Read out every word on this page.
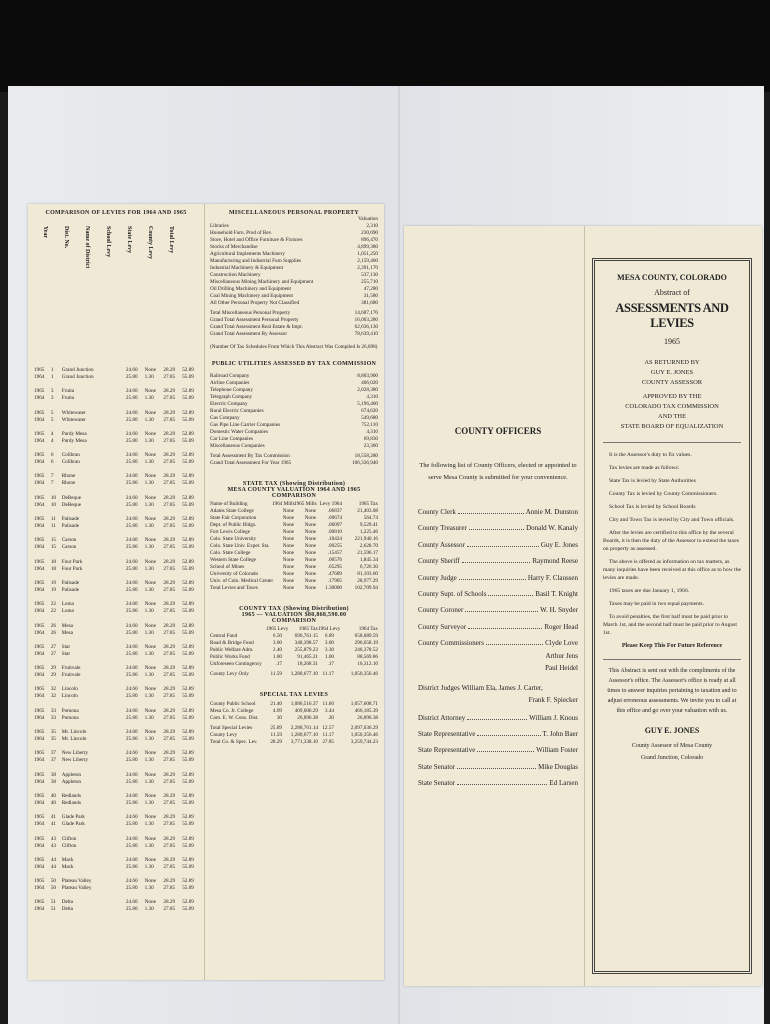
COMPARISON OF LEVIES FOR 1964 AND 1965
Year	Dist. No.	Name of District	School Levy	State Levy	County Levy	Total Levy
1965	1	Grand Junction	24.60	None	28.29	52.89
1964	1	Grand Junction	25.80	1.30	27.85	55.09
1965	3	Fruita	24.60	None	28.29	52.89
1964	3	Fruita	25.80	1.30	27.85	55.09
1965	5	Whitewater	24.60	None	28.29	52.89
1964	5	Whitewater	25.80	1.30	27.85	55.09
1965	4	Purdy Mesa	24.60	None	28.29	52.89
1964	4	Purdy Mesa	25.80	1.30	27.85	55.09
1965	6	Collbran	24.60	None	28.29	52.89
1964	6	Collbran	25.80	1.30	27.85	55.09
1965	7	Rhone	24.60	None	28.29	52.89
1964	7	Rhone	25.80	1.30	27.85	55.09
1965	10	DeBeque	24.60	None	28.29	52.89
1964	10	DeBeque	25.80	1.30	27.85	55.09
1965	11	Palisade	24.60	None	28.29	52.89
1964	11	Palisade	25.80	1.30	27.85	55.09
1965	15	Carson	24.60	None	28.29	52.89
1964	15	Carson	25.80	1.30	27.85	55.09
1965	18	Four Park	24.60	None	28.29	52.89
1964	18	Four Park	25.80	1.30	27.85	55.09
1965	19	Palisade	24.60	None	28.29	52.89
1964	19	Palisade	25.80	1.30	27.85	55.09
1965	22	Loma	24.60	None	28.29	52.89
1964	22	Loma	25.80	1.30	27.85	55.09
1965	26	Mesa	24.60	None	28.29	52.89
1964	26	Mesa	25.80	1.30	27.85	55.09
1965	27	Star	24.60	None	28.29	52.89
1964	27	Star	25.80	1.30	27.85	55.09
1965	29	Fruitvale	24.60	None	28.29	52.89
1964	29	Fruitvale	25.80	1.30	27.85	55.09
1965	32	Lincoln	24.60	None	28.29	52.89
1964	32	Lincoln	25.80	1.30	27.85	55.09
1965	33	Pomona	24.60	None	28.29	52.89
1964	33	Pomona	25.80	1.30	27.85	55.09
1965	35	Mt. Lincoln	24.60	None	28.29	52.89
1964	35	Mt. Lincoln	25.80	1.30	27.85	55.09
1965	37	New Liberty	24.60	None	28.29	52.89
1964	37	New Liberty	25.80	1.30	27.85	55.09
1965	38	Appleton	24.60	None	28.29	52.89
1964	38	Appleton	25.80	1.30	27.85	55.09
1965	40	Redlands	24.60	None	28.29	52.89
1964	40	Redlands	25.80	1.30	27.85	55.09
1965	41	Glade Park	24.60	None	28.29	52.89
1964	41	Glade Park	25.80	1.30	27.85	55.09
1965	43	Clifton	24.60	None	28.29	52.89
1964	43	Clifton	25.80	1.30	27.85	55.09
1965	44	Mack	24.60	None	28.29	52.89
1964	44	Mack	25.80	1.30	27.85	55.09
1965	50	Plateau Valley	24.60	None	28.29	52.89
1964	50	Plateau Valley	25.80	1.30	27.85	55.09
1965	51	Delta	24.60	None	28.29	52.89
1964	51	Delta	25.80	1.30	27.85	55.09
MISCELLANEOUS PERSONAL PROPERTY
Valuation
Libraries	2,310
Household Furn. Prod of Rev.	230,690
Store, Hotel and Office Furniture & Fixtures	896,470
Stocks of Merchandise	4,899,380
Agricultural Implements Machinery	1,051,250
Manufacturing and Industrial Furn Supplies	2,159,460
Industrial Machinery & Equipment	2,391,170
Construction Machinery	537,130
Miscellaneous Mining Machinery and Equipment	255,710
Oil Drilling Machinery and Equipment	47,280
Coal Mining Machinery and Equipment	31,580
All Other Personal Property Not Classified	381,680
Total Miscellaneous Personal Property	14,687,170
Grand Total Assessment Personal Property	16,003,280
Grand Total Assessment Real Estate & Impr.	62,636,130
Grand Total Assessment By Assessor	78,639,410
(Number Of Tax Schedules From Which This Abstract Was Compiled Is 26,698)
PUBLIC UTILITIES ASSESSED BY TAX COMMISSION
Railroad Company	8,803,900
Airline Companies	406,020
Telephone Company	2,028,380
Telegraph Company	4,310
Electric Company	5,196,460
Rural Electric Companies	674,620
Gas Company	549,680
Gas Pipe Line Carrier Companies	752,110
Domestic Water Companies	4,310
Car Line Companies	69,830
Miscellaneous Companies	23,360
Total Assessment By Tax Commission	18,558,280
Grand Total Assessment For Year 1965	106,336,940
STATE TAX (Showing Distribution)
MESA COUNTY VALUATION 1964 AND 1965
COMPARISON
Name of Building	1964 Mills 1965 Mills Levy 1964	1965 Tax
Adams State College	None	None	.06837	21,403.08
State Fair Corporation	None	None	.00674	564.74
Dept. of Public Bldgs.	None	None	.06097	9,529.41
Fort Lewis College	None	None	.00810	1,225.46
Colo. State University	None	None	.10424	221,940.16
Colo. State Univ. Exper. Sta.	None	None	.00255	2,628.70
Colo. State College	None	None	.15457	21,596.17
Western State College	None	None	.00576	1,845.34
School of Mines	None	None	.05295	6,726.30
University of Colorado	None	None	.47689	81,103.60
Univ. of Colo. Medical Center	None	None	.17905	28,977.29
Total Levies and Taxes	None	None	1.30000	102,709.94
COUNTY TAX (Showing Distribution)
1965 — VALUATION $80,868,590.00
COMPARISON
1965 Levy	1965 Tax 1964 Levy	1964 Tax
Central Fund	6.50	696,761.15	6.89	658,689.59
Road & Bridge Fund	3.00	348,398.57	3.00	296,658.19
Public Welfare Adm.	2.40	255,879.23	3.30	246,378.52
Public Works Fund	1.00	91,465.21	1.00	88,569.86
Unforeseen Contingency	.17	18,268.31	.17	16,312.10
County Levy Only	11.59	1,280,677.10 11.17	1,050,356.46
SPECIAL TAX LEVIES
County Public School	21.40	1,086,516.37 11.60	1,057,608.71
Mesa Co. Jr. College	4.09	409,606.29	3.44	466,185.39
Com. E. W. Cons. Dist.	30	26,896.38	.30	26,896.38
Total Special Levies	25.89	2,288,761.14 12.57	2,097,036.29
County Levy	11.59	1,280,677.10 11.17	1,050,356.46
Total Co. & Spec. Lev.	28.29	3,771,338.10 27.85	3,259,744.23
COUNTY OFFICERS
The following list of County Officers, elected or appointed to serve Mesa County is submitted for your convenience.
County Clerk	Annie M. Dunston
County Treasurer	Donald W. Kanaly
County Assessor	Guy E. Jones
County Sheriff	Raymond Reese
County Judge	Harry F. Claussen
County Supt. of Schools	Basil T. Knight
County Coroner	W. H. Snyder
County Surveyor	Roger Head
County Commissioners	Clyde Love
Arthur Jens
Paul Heidel
District Judges William Ela, James J. Carter,
Frank F. Spiecker
District Attorney	William J. Knous
State Representative	T. John Baer
State Representative	William Foster
State Senator	Mike Douglas
State Senator	Ed Larsen
MESA COUNTY, COLORADO
Abstract of
ASSESSMENTS AND LEVIES
1965
AS RETURNED BY
GUY E. JONES
COUNTY ASSESSOR
APPROVED BY THE
COLORADO TAX COMMISSION
AND THE
STATE BOARD OF EQUALIZATION
It is the Assessor's duty to fix values.
Tax levies are made as follows:
State Tax is levied by State Authorities
County Tax is levied by County Commissioners.
School Tax is levied by School Boards
City and Town Tax is levied by City and Town officials.
After the levies are certified to this office by the several Boards, it is then the duty of the Assessor to extend the taxes on property as assessed.
The above is offered as information on tax matters, as many inquiries have been received at this office as to how the levies are made.
1965 taxes are due January 1, 1966.
Taxes may be paid in two equal payments.
To avoid penalties, the first half must be paid prior to March 1st, and the second half must be paid prior to August 1st.
Please Keep This For Future Reference
This Abstract is sent out with the compliments of the Assessor's office. The Assessor's office is ready at all times to answer inquiries pertaining to taxation and to adjust erroneous assessments. We invite you to call at this office and go over your valuation with us.
GUY E. JONES
County Assessor of Mesa County
Grand Junction, Colorado
